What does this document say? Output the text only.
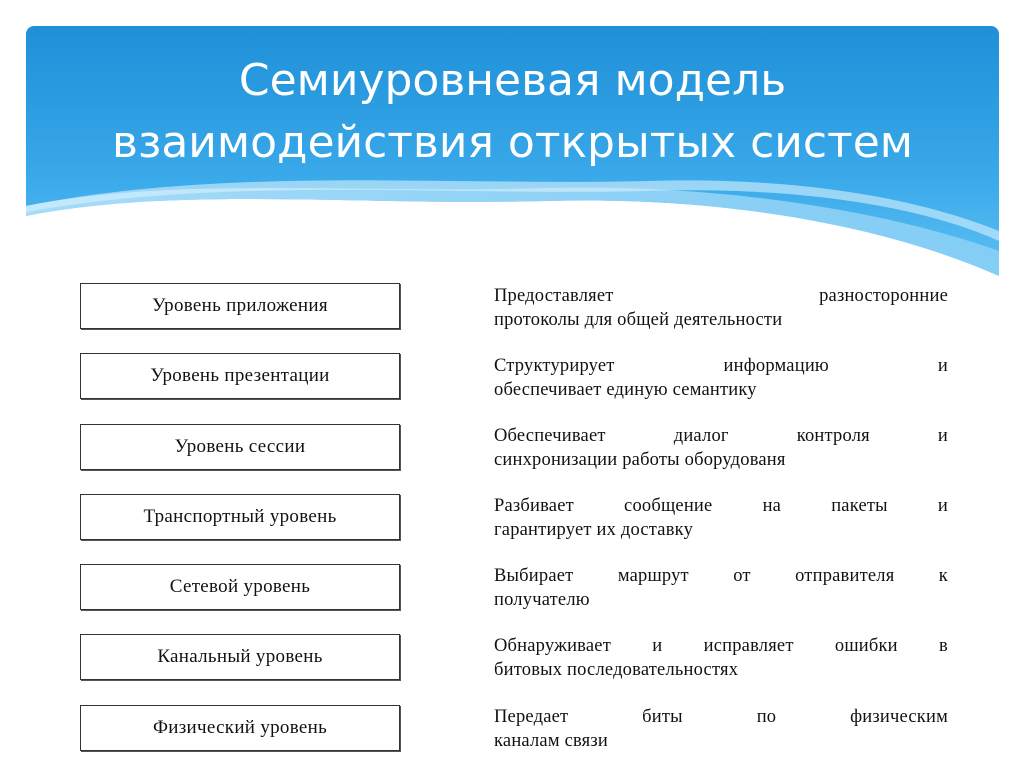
Семиуровневая модель
взаимодействия открытых систем
Уровень приложения
Уровень презентации
Уровень сессии
Транспортный уровень
Сетевой уровень
Канальный уровень
Физический уровень
Предоставляет разносторонние
протоколы для общей деятельности
Структурирует информацию и
обеспечивает единую семантику
Обеспечивает диалог контроля и
синхронизации работы оборудованя
Разбивает сообщение на пакеты и
гарантирует их доставку
Выбирает маршрут от отправителя к
получателю
Обнаруживает и исправляет ошибки в
битовых последовательностях
Передает биты по физическим
каналам связи
